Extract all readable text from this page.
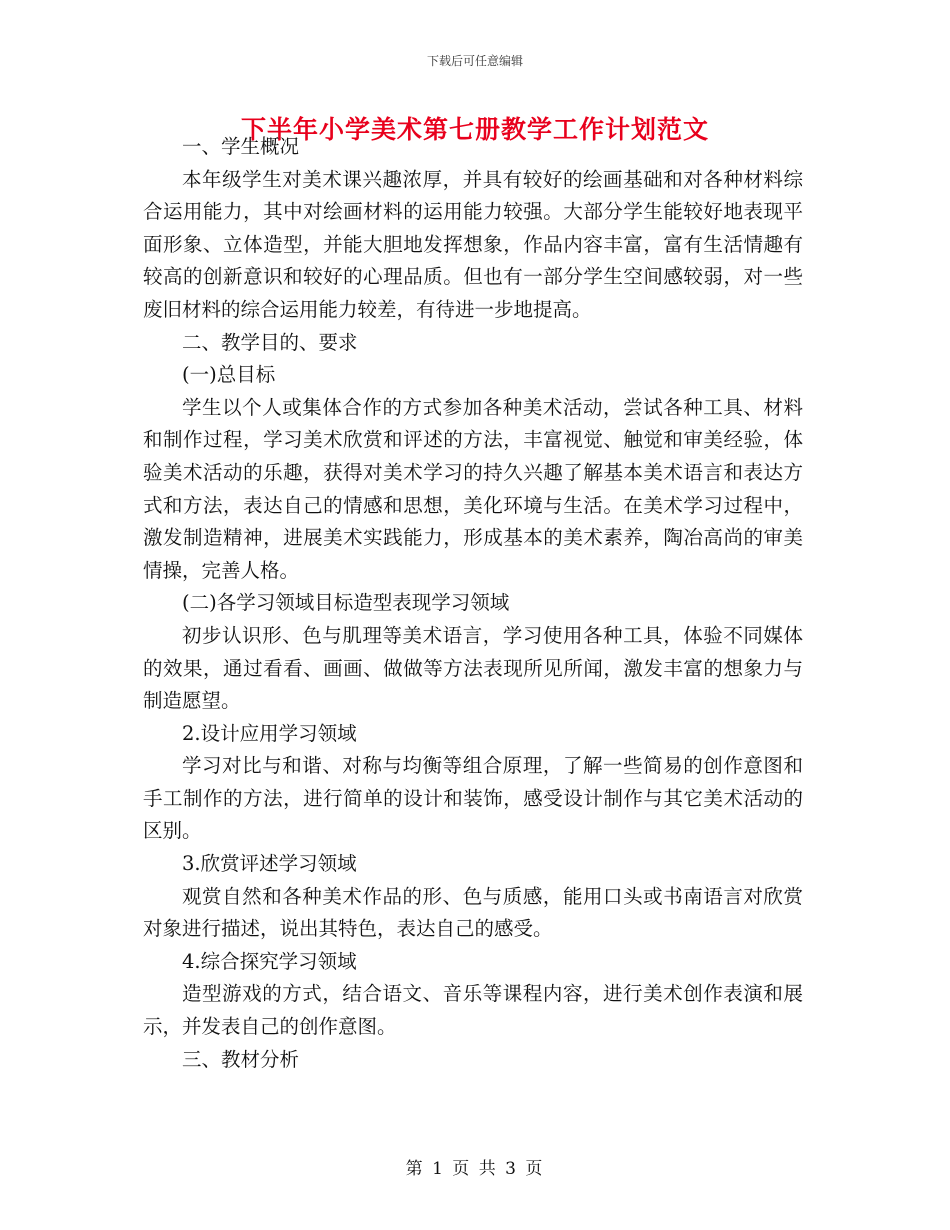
下载后可任意编辑
下半年小学美术第七册教学工作计划范文

一、学生概况

本年级学生对美术课兴趣浓厚，并具有较好的绘画基础和对各种材料综合运用能力，其中对绘画材料的运用能力较强。大部分学生能较好地表现平面形象、立体造型，并能大胆地发挥想象，作品内容丰富，富有生活情趣有较高的创新意识和较好的心理品质。但也有一部分学生空间感较弱，对一些废旧材料的综合运用能力较差，有待进一步地提高。

二、教学目的、要求

(一)总目标

学生以个人或集体合作的方式参加各种美术活动，尝试各种工具、材料和制作过程，学习美术欣赏和评述的方法，丰富视觉、触觉和审美经验，体验美术活动的乐趣，获得对美术学习的持久兴趣了解基本美术语言和表达方式和方法，表达自己的情感和思想，美化环境与生活。在美术学习过程中，激发制造精神，进展美术实践能力，形成基本的美术素养，陶冶高尚的审美情操，完善人格。

(二)各学习领域目标造型表现学习领域

初步认识形、色与肌理等美术语言，学习使用各种工具，体验不同媒体的效果，通过看看、画画、做做等方法表现所见所闻，激发丰富的想象力与制造愿望。

2.设计应用学习领域

学习对比与和谐、对称与均衡等组合原理，了解一些简易的创作意图和手工制作的方法，进行简单的设计和装饰，感受设计制作与其它美术活动的区别。

3.欣赏评述学习领域

观赏自然和各种美术作品的形、色与质感，能用口头或书南语言对欣赏对象进行描述，说出其特色，表达自己的感受。

4.综合探究学习领域

造型游戏的方式，结合语文、音乐等课程内容，进行美术创作表演和展示，并发表自己的创作意图。

三、教材分析

第 1 页 共 3 页
